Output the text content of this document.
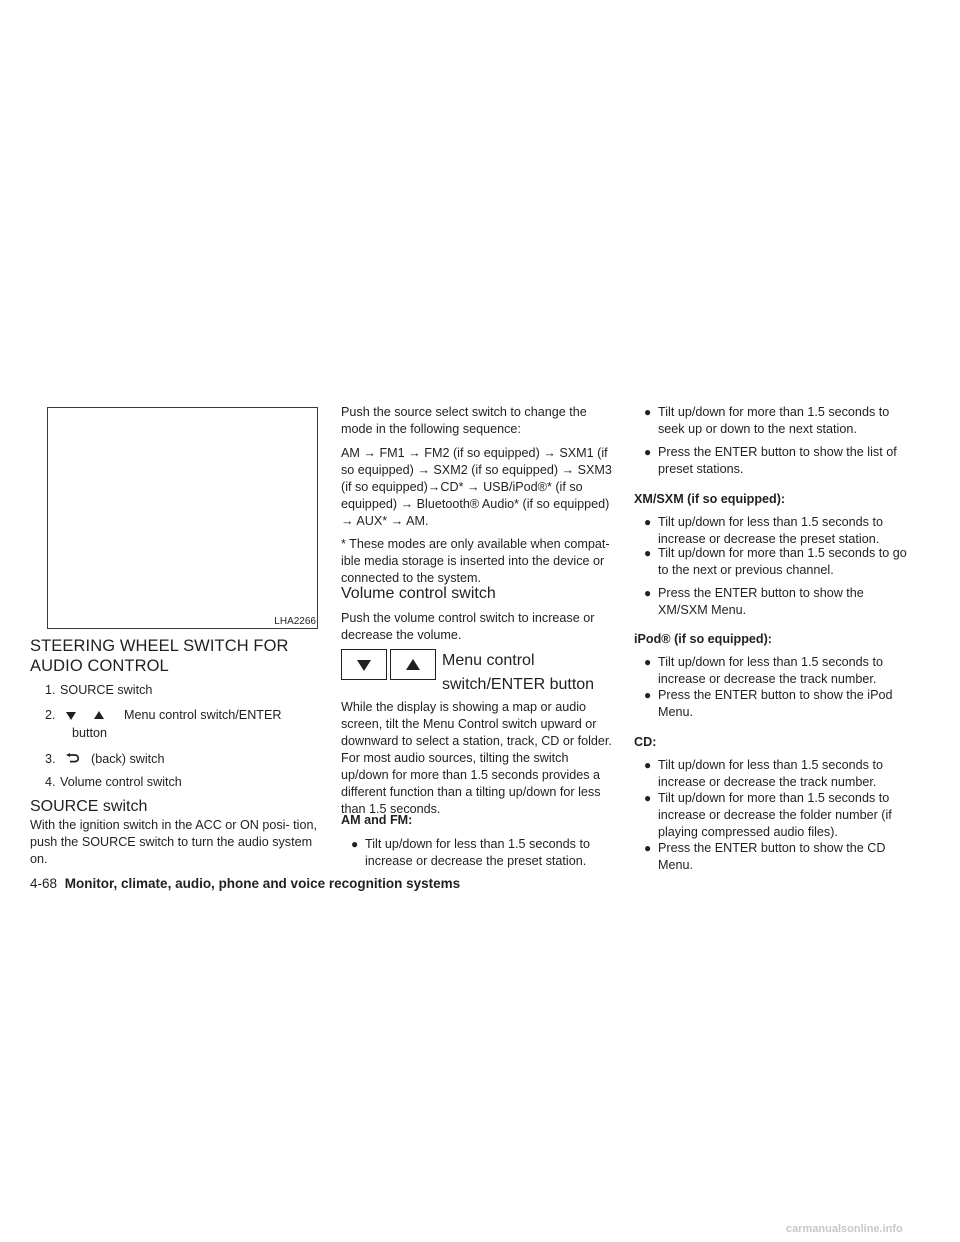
LHA2266
STEERING WHEEL SWITCH FOR
AUDIO CONTROL
1. SOURCE switch
2.	Menu control switch/ENTER
button
3.	(back) switch
4. Volume control switch
SOURCE switch

With the ignition switch in the ACC or ON posi- tion, push the SOURCE switch to turn the audio system on.

Push the source select switch to change the mode in the following sequence:

AM → FM1 → FM2 (if so equipped) → SXM1 (if so equipped) → SXM2 (if so equipped) → SXM3 (if so equipped)→CD* → USB/iPod®* (if so equipped) → Bluetooth® Audio* (if so equipped) → AUX* → AM.

* These modes are only available when compat- ible media storage is inserted into the device or connected to the system.

Volume control switch

Push the volume control switch to increase or decrease the volume.

Menu control
switch/ENTER button

While the display is showing a map or audio screen, tilt the Menu Control switch upward or downward to select a station, track, CD or folder. For most audio sources, tilting the switch up/down for more than 1.5 seconds provides a different function than a tilting up/down for less than 1.5 seconds.

AM and FM:

● Tilt up/down for less than 1.5 seconds to increase or decrease the preset station.
● Tilt up/down for more than 1.5 seconds to seek up or down to the next station.
● Press the ENTER button to show the list of preset stations.

XM/SXM (if so equipped):

● Tilt up/down for less than 1.5 seconds to increase or decrease the preset station.
● Tilt up/down for more than 1.5 seconds to go to the next or previous channel.
● Press the ENTER button to show the XM/SXM Menu.

iPod® (if so equipped):

● Tilt up/down for less than 1.5 seconds to increase or decrease the track number.
● Press the ENTER button to show the iPod Menu.

CD:

● Tilt up/down for less than 1.5 seconds to increase or decrease the track number.
● Tilt up/down for more than 1.5 seconds to increase or decrease the folder number (if playing compressed audio files).
● Press the ENTER button to show the CD Menu.
4-68 Monitor, climate, audio, phone and voice recognition systems
carmanualsonline.info
